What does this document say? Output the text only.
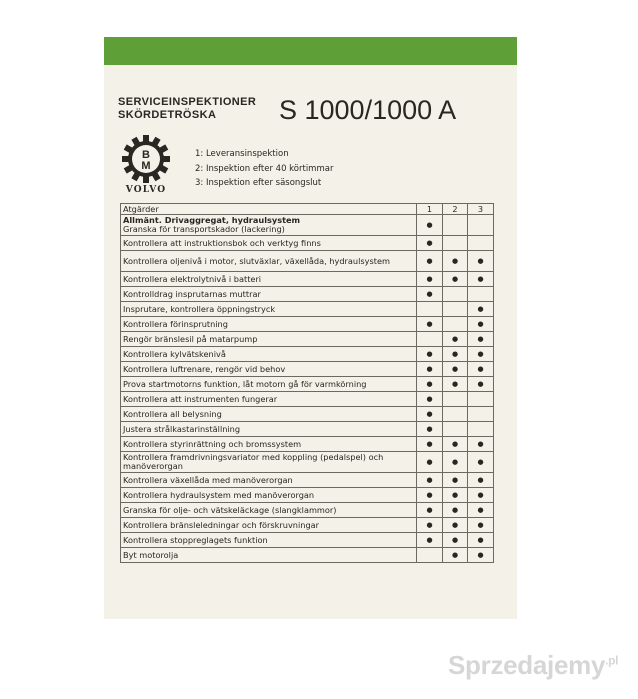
SERVICEINSPEKTIONER
SKÖRDETRÖSKA	S 1000/1000 A
B
M
VOLVO
1: Leveransinspektion
2: Inspektion efter 40 körtimmar
3: Inspektion efter säsongslut
Atgärder	1	2	3

Allmänt. Drivaggregat, hydraulsystem
Granska för transportskador (lackering)	●		
Kontrollera att instruktionsbok och verktyg finns	●		
Kontrollera oljenivå i motor, slutväxlar, växellåda, hydraulsystem	●	●	●
Kontrollera elektrolytnivå i batteri	●	●	●
Kontrolldrag insprutarnas muttrar	●		
Insprutare, kontrollera öppningstryck			●
Kontrollera förinsprutning	●		●
Rengör bränslesil på matarpump		●	●
Kontrollera kylvätskenivå	●	●	●
Kontrollera luftrenare, rengör vid behov	●	●	●
Prova startmotorns funktion, låt motorn gå för varmkörning	●	●	●
Kontrollera att instrumenten fungerar	●		
Kontrollera all belysning	●		
Justera strålkastarinställning	●		
Kontrollera styrinrättning och bromssystem	●	●	●
Kontrollera framdrivningsvariator med koppling (pedalspel) och manöverorgan	●	●	●
Kontrollera växellåda med manöverorgan	●	●	●
Kontrollera hydraulsystem med manöverorgan	●	●	●
Granska för olje- och vätskeläckage (slangklammor)	●	●	●
Kontrollera bränsleledningar och förskruvningar	●	●	●
Kontrollera stoppreglagets funktion	●	●	●
Byt motorolja		●	●
Sprzedajemy$^{.pl}$
